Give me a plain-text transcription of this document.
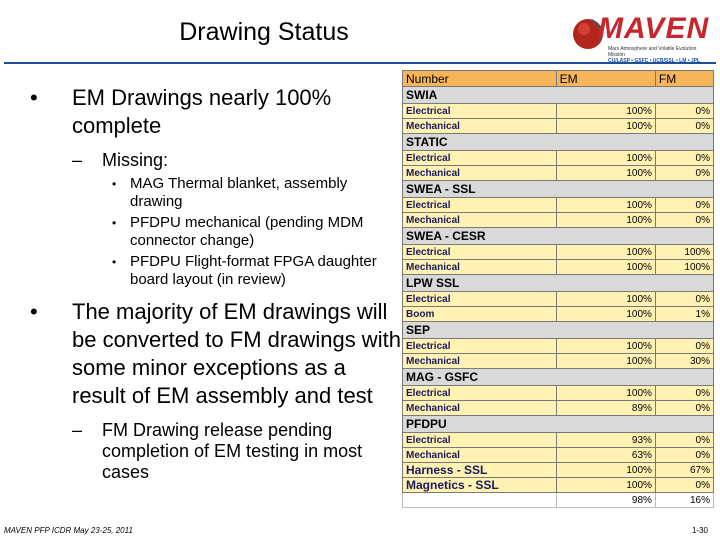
Drawing Status	MAVEN
Mars Atmosphere and Volatile Evolution Mission
CU/LASP • GSFC • UCB/SSL • LM • JPL
•	EM Drawings nearly 100% complete
– Missing:
• MAG Thermal blanket, assembly drawing
• PFDPU mechanical (pending MDM connector change)
• PFDPU Flight-format FPGA daughter board layout (in review)
•	The majority of EM drawings will be converted to FM drawings with some minor exceptions as a result of EM assembly and test
– FM Drawing release pending completion of EM testing in most cases
Number	EM	FM
SWIA		
Electrical	100%	0%
Mechanical	100%	0%
STATIC		
Electrical	100%	0%
Mechanical	100%	0%
SWEA - SSL		
Electrical	100%	0%
Mechanical	100%	0%
SWEA - CESR		
Electrical	100%	100%
Mechanical	100%	100%
LPW SSL		
Electrical	100%	0%
Boom	100%	1%
SEP		
Electrical	100%	0%
Mechanical	100%	30%
MAG - GSFC		
Electrical	100%	0%
Mechanical	89%	0%
PFDPU		
Electrical	93%	0%
Mechanical	63%	0%
Harness - SSL	100%	67%
Magnetics - SSL	100%	0%
	98%	16%
MAVEN PFP ICDR May 23-25, 2011	1-30
